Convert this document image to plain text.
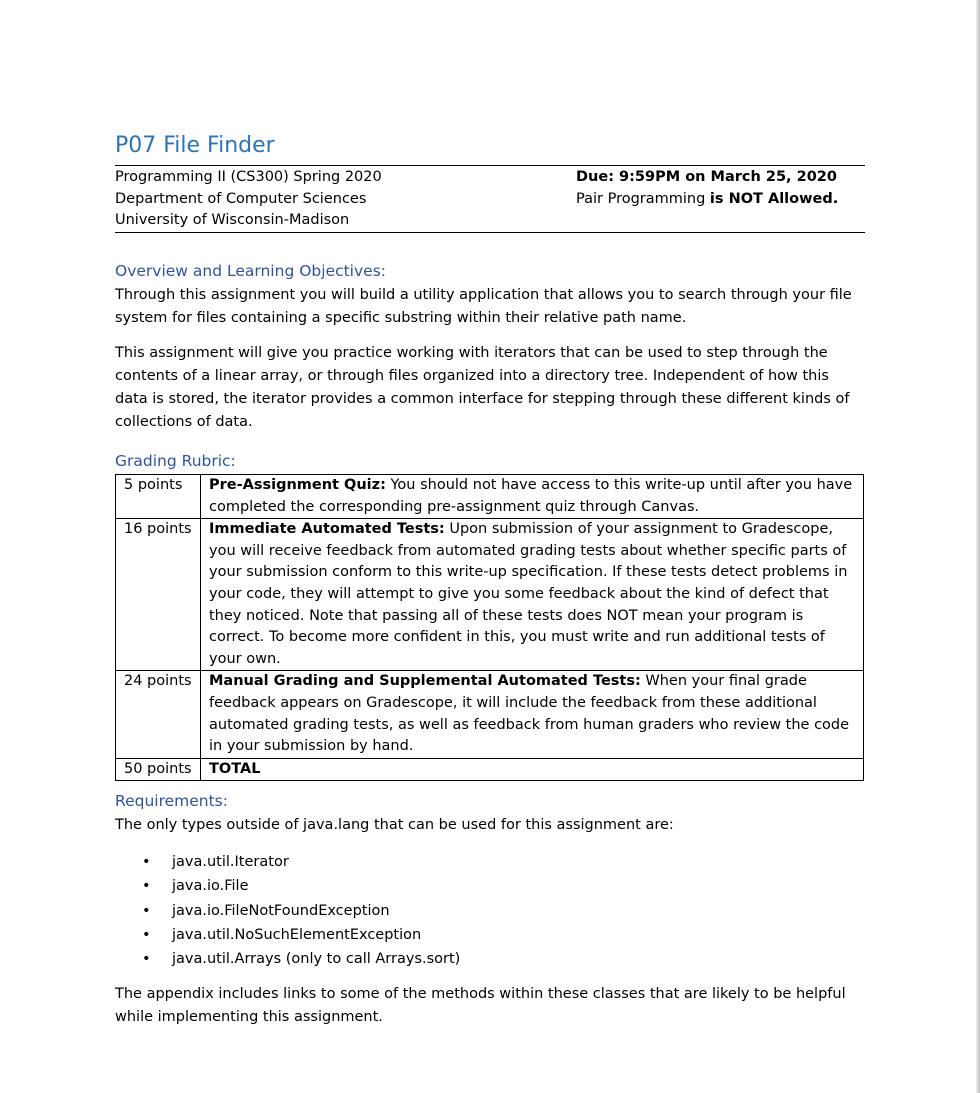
P07 File Finder
Programming II (CS300) Spring 2020
Department of Computer Sciences
University of Wisconsin-Madison
Due: 9:59PM on March 25, 2020
Pair Programming is NOT Allowed.
Overview and Learning Objectives:

Through this assignment you will build a utility application that allows you to search through your file system for files containing a specific substring within their relative path name.

This assignment will give you practice working with iterators that can be used to step through the contents of a linear array, or through files organized into a directory tree. Independent of how this data is stored, the iterator provides a common interface for stepping through these different kinds of collections of data.

Grading Rubric:
5 points	Pre-Assignment Quiz: You should not have access to this write-up until after you have completed the corresponding pre-assignment quiz through Canvas.
16 points	Immediate Automated Tests: Upon submission of your assignment to Gradescope, you will receive feedback from automated grading tests about whether specific parts of your submission conform to this write-up specification. If these tests detect problems in your code, they will attempt to give you some feedback about the kind of defect that they noticed. Note that passing all of these tests does NOT mean your program is correct. To become more confident in this, you must write and run additional tests of your own.
24 points	Manual Grading and Supplemental Automated Tests: When your final grade feedback appears on Gradescope, it will include the feedback from these additional automated grading tests, as well as feedback from human graders who review the code in your submission by hand.
50 points	TOTAL
Requirements:

The only types outside of java.lang that can be used for this assignment are:

• java.util.Iterator
• java.io.File
• java.io.FileNotFoundException
• java.util.NoSuchElementException
• java.util.Arrays (only to call Arrays.sort)

The appendix includes links to some of the methods within these classes that are likely to be helpful while implementing this assignment.
